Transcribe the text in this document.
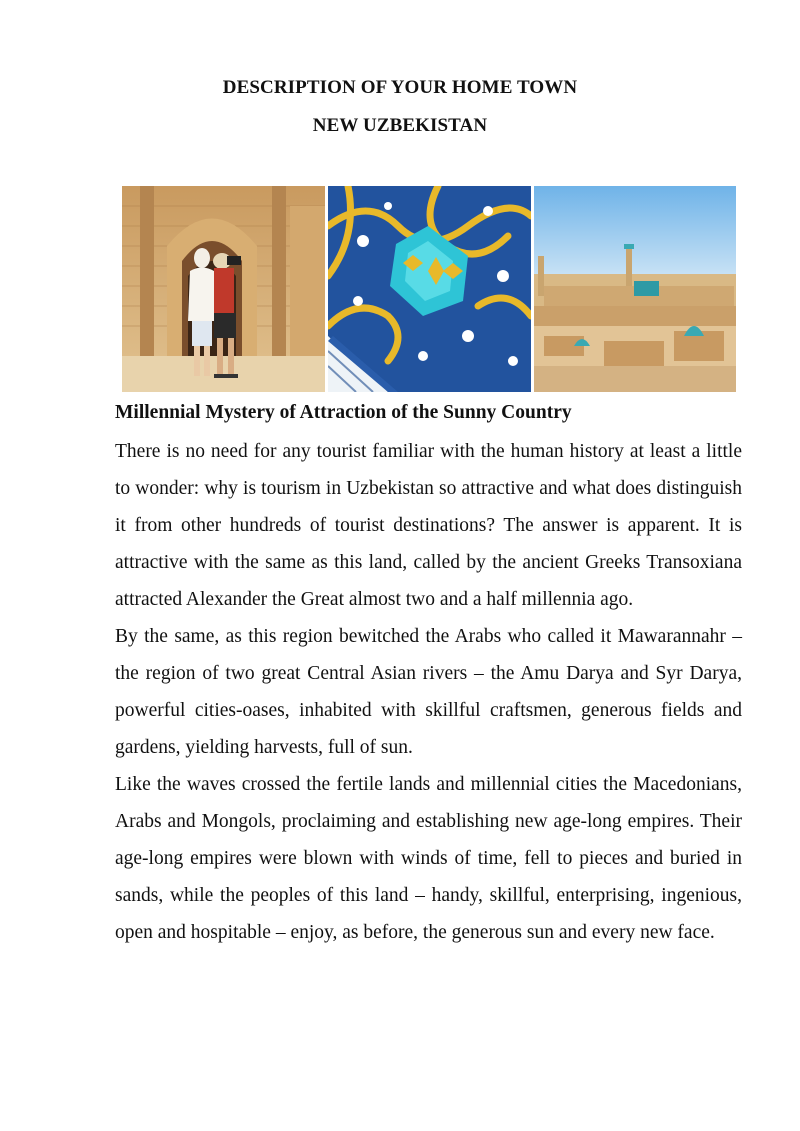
DESCRIPTION OF YOUR HOME TOWN
NEW UZBEKISTAN
Millennial Mystery of Attraction of the Sunny Country

There is no need for any tourist familiar with the human history at least a little to wonder: why is tourism in Uzbekistan so attractive and what does distinguish it from other hundreds of tourist destinations? The answer is apparent. It is attractive with the same as this land, called by the ancient Greeks Transoxiana attracted Alexander the Great almost two and a half millennia ago.

By the same, as this region bewitched the Arabs who called it Mawarannahr – the region of two great Central Asian rivers – the Amu Darya and Syr Darya, powerful cities-oases, inhabited with skillful craftsmen, generous fields and gardens, yielding harvests, full of sun.

Like the waves crossed the fertile lands and millennial cities the Macedonians, Arabs and Mongols, proclaiming and establishing new age-long empires. Their age-long empires were blown with winds of time, fell to pieces and buried in sands, while the peoples of this land – handy, skillful, enterprising, ingenious, open and hospitable – enjoy, as before, the generous sun and every new face.
